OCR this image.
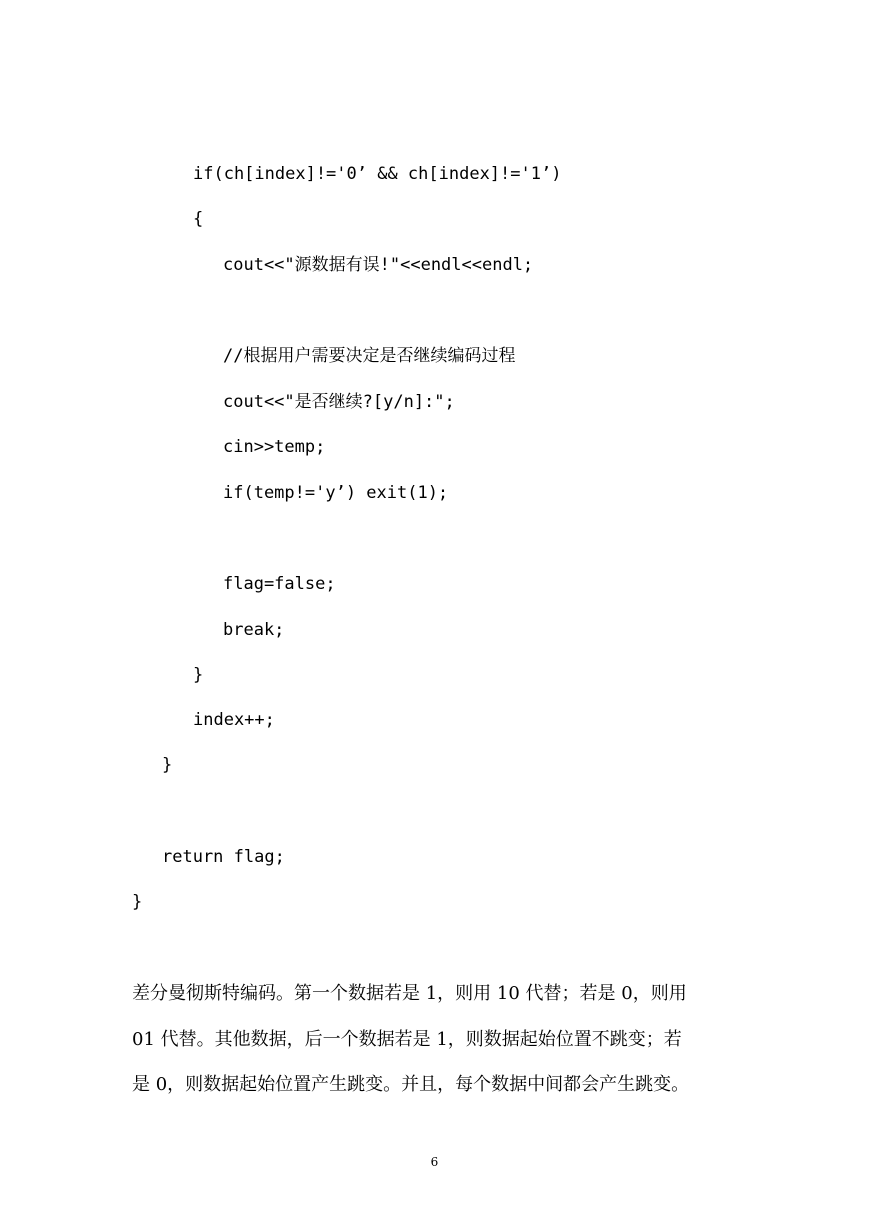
if(ch[index]!='0’ && ch[index]!='1’)
{
cout<<"源数据有误!"<<endl<<endl;
//根据用户需要决定是否继续编码过程
cout<<"是否继续?[y/n]:";
cin>>temp;
if(temp!='y’) exit(1);
flag=false;
break;
}
index++;
}
return flag;
}
差分曼彻斯特编码。第一个数据若是 1，则用 10 代替；若是 0，则用
01 代替。其他数据，后一个数据若是 1，则数据起始位置不跳变；若
是 0，则数据起始位置产生跳变。并且，每个数据中间都会产生跳变。
6
